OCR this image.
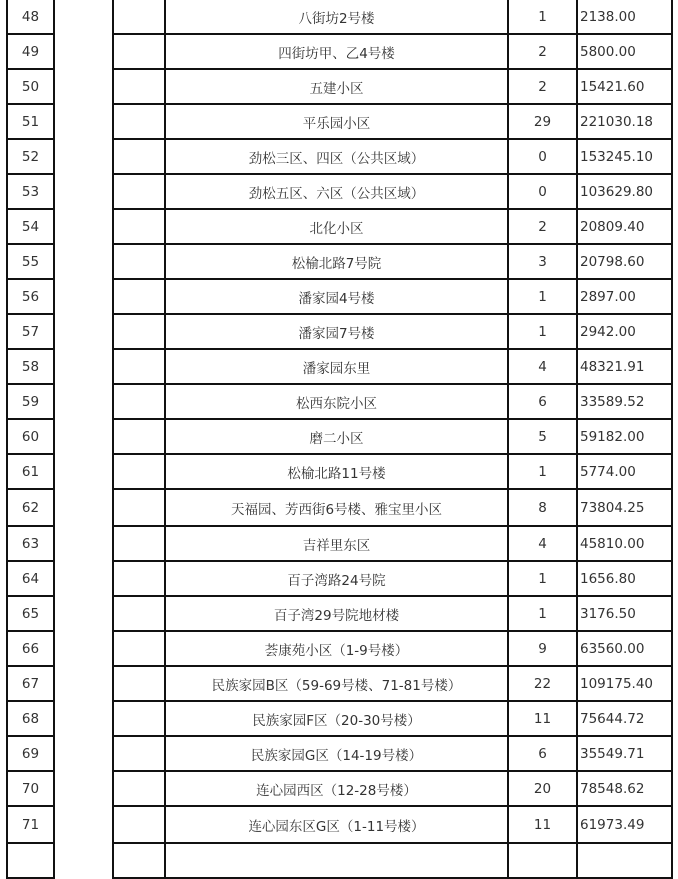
48	八街坊2号楼	1	2138.00
49	四街坊甲、乙4号楼	2	5800.00
50	五建小区	2	15421.60
51	平乐园小区	29	221030.18
52	劲松三区、四区（公共区域）	0	153245.10
53	劲松五区、六区（公共区域）	0	103629.80
54	北化小区	2	20809.40
55	松榆北路7号院	3	20798.60
56	潘家园4号楼	1	2897.00
57	潘家园7号楼	1	2942.00
58	潘家园东里	4	48321.91
59	松西东院小区	6	33589.52
60	磨二小区	5	59182.00
61	松榆北路11号楼	1	5774.00
62	天福园、芳西街6号楼、雅宝里小区	8	73804.25
63	吉祥里东区	4	45810.00
64	百子湾路24号院	1	1656.80
65	百子湾29号院地材楼	1	3176.50
66	荟康苑小区（1-9号楼）	9	63560.00
67	民族家园B区（59-69号楼、71-81号楼）	22	109175.40
68	民族家园F区（20-30号楼）	11	75644.72
69	民族家园G区（14-19号楼）	6	35549.71
70	连心园西区（12-28号楼）	20	78548.62
71	连心园东区G区（1-11号楼）	11	61973.49
